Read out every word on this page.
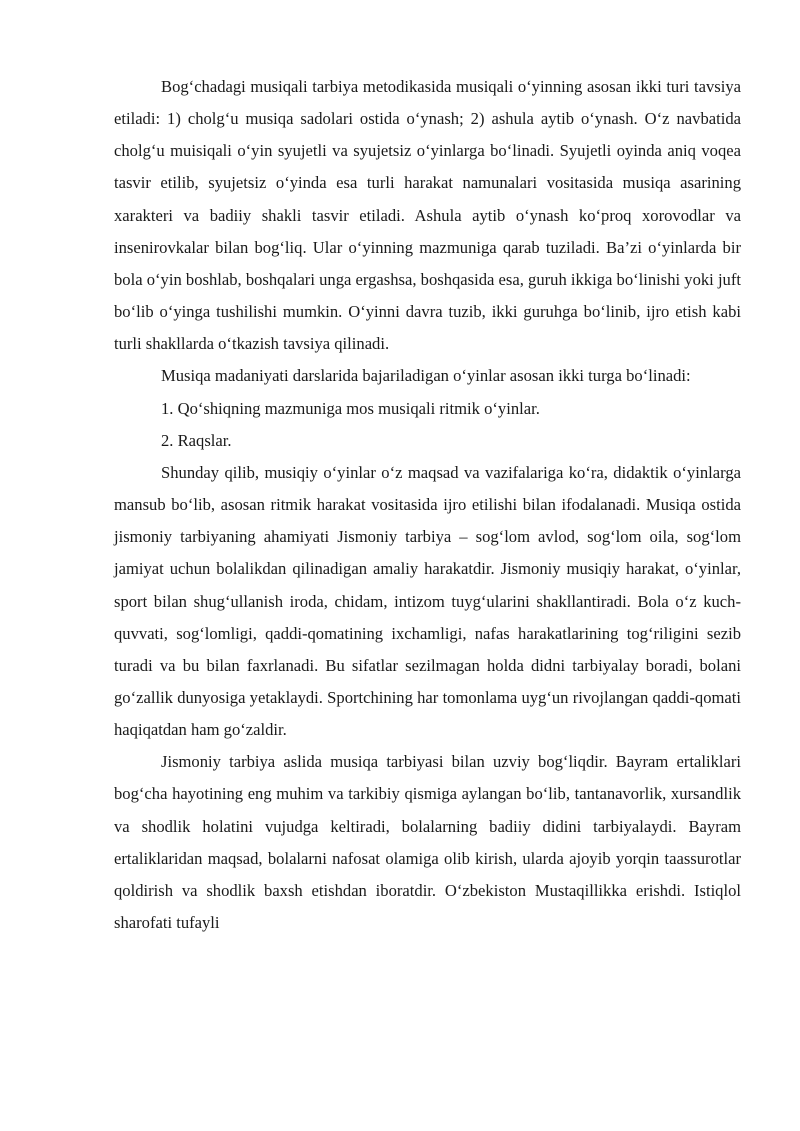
Bog‘chadagi musiqali tarbiya metodikasida musiqali o‘yinning asosan ikki turi tavsiya etiladi: 1) cholg‘u musiqa sadolari ostida o‘ynash; 2) ashula aytib o‘ynash. O‘z navbatida cholg‘u muisiqali o‘yin syujetli va syujetsiz o‘yinlarga bo‘linadi. Syujetli oyinda aniq voqea tasvir etilib, syujetsiz o‘yinda esa turli harakat namunalari vositasida musiqa asarining xarakteri va badiiy shakli tasvir etiladi. Ashula aytib o‘ynash ko‘proq xorovodlar va insenirovkalar bilan bog‘liq. Ular o‘yinning mazmuniga qarab tuziladi. Ba’zi o‘yinlarda bir bola o‘yin boshlab, boshqalari unga ergashsa, boshqasida esa, guruh ikkiga bo‘linishi yoki juft bo‘lib o‘yinga tushilishi mumkin. O‘yinni davra tuzib, ikki guruhga bo‘linib, ijro etish kabi turli shakllarda o‘tkazish tavsiya qilinadi.

Musiqa madaniyati darslarida bajariladigan o‘yinlar asosan ikki turga bo‘linadi:

1. Qo‘shiqning mazmuniga mos musiqali ritmik o‘yinlar.

2. Raqslar.

Shunday qilib, musiqiy o‘yinlar o‘z maqsad va vazifalariga ko‘ra, didaktik o‘yinlarga mansub bo‘lib, asosan ritmik harakat vositasida ijro etilishi bilan ifodalanadi. Musiqa ostida jismoniy tarbiyaning ahamiyati Jismoniy tarbiya – sog‘lom avlod, sog‘lom oila, sog‘lom jamiyat uchun bolalikdan qilinadigan amaliy harakatdir. Jismoniy musiqiy harakat, o‘yinlar, sport bilan shug‘ullanish iroda, chidam, intizom tuyg‘ularini shakllantiradi. Bola o‘z kuch-quvvati, sog‘lomligi, qaddi-qomatining ixchamligi, nafas harakatlarining tog‘riligini sezib turadi va bu bilan faxrlanadi. Bu sifatlar sezilmagan holda didni tarbiyalay boradi, bolani go‘zallik dunyosiga yetaklaydi. Sportchining har tomonlama uyg‘un rivojlangan qaddi-qomati haqiqatdan ham go‘zaldir.

Jismoniy tarbiya aslida musiqa tarbiyasi bilan uzviy bog‘liqdir. Bayram ertaliklari bog‘cha hayotining eng muhim va tarkibiy qismiga aylangan bo‘lib, tantanavorlik, xursandlik va shodlik holatini vujudga keltiradi, bolalarning badiiy didini tarbiyalaydi. Bayram ertaliklaridan maqsad, bolalarni nafosat olamiga olib kirish, ularda ajoyib yorqin taassurotlar qoldirish va shodlik baxsh etishdan iboratdir. O‘zbekiston Mustaqillikka erishdi. Istiqlol sharofati tufayli
